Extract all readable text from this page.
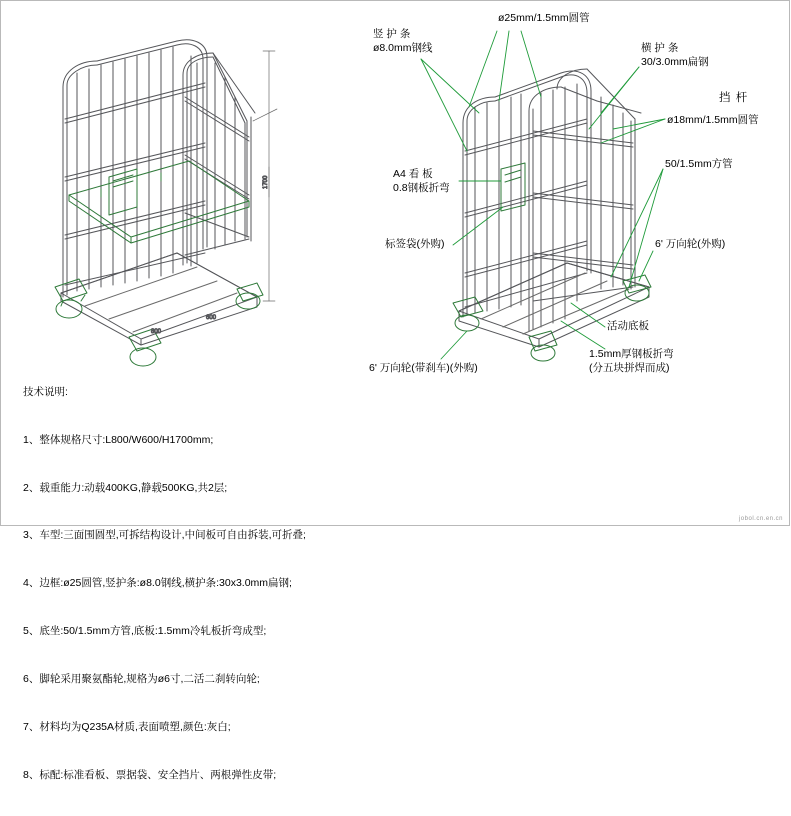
1700
800
600
竖 护 条
ø8.0mm钢线
ø25mm/1.5mm圆管
横 护 条
30/3.0mm扁钢
挡 杆
ø18mm/1.5mm圆管
50/1.5mm方管
A4 看 板
0.8钢板折弯
标签袋(外购)	6' 万向轮(外购)
6' 万向轮(带刹车)(外购)
活动底板
1.5mm厚钢板折弯
(分五块拼焊而成)

技术说明:

1、整体规格尺寸:L800/W600/H1700mm;

2、载重能力:动载400KG,静载500KG,共2层;

3、车型:三面围圆型,可拆结构设计,中间板可自由拆装,可折叠;

4、边框:ø25圆管,竖护条:ø8.0钢线,横护条:30x3.0mm扁钢;

5、底坐:50/1.5mm方管,底板:1.5mm冷轧板折弯成型;

6、脚轮采用聚氨酯轮,规格为ø6寸,二活二刹转向轮;

7、材料均为Q235A材质,表面喷塑,颜色:灰白;

8、标配:标准看板、票据袋、安全挡片、两根弹性皮带;

jobol.cn.en.cn
